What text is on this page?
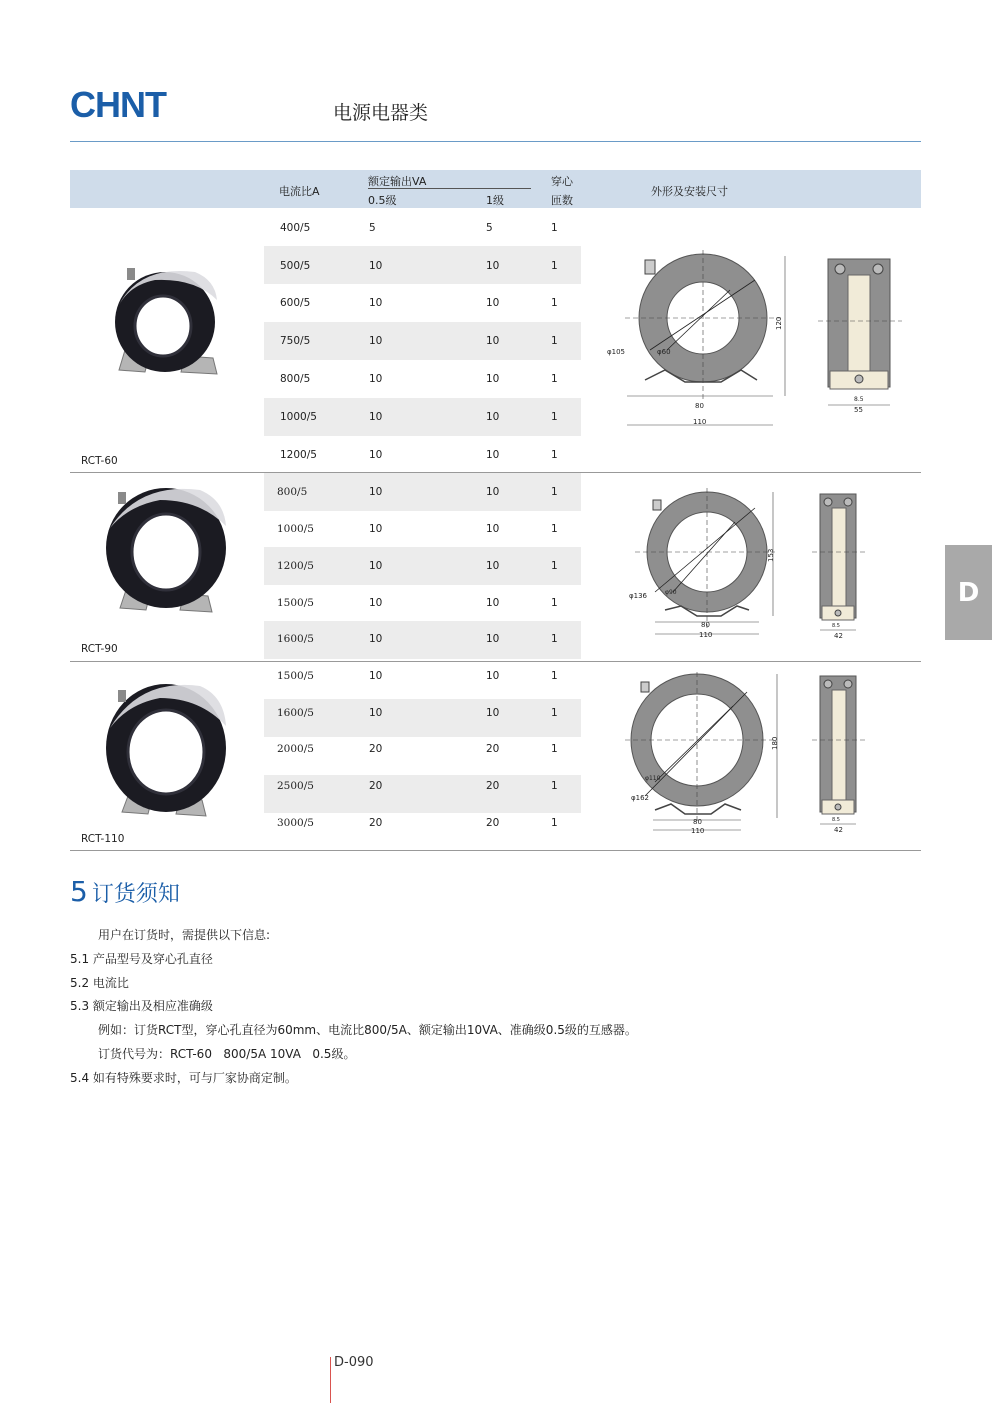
CHNT	电源电器类
电流比A
额定输出VA
0.5级	1级
穿心
匝数
外形及安装尺寸
400/5	5	5	1
500/5	10	10	1
600/5	10	10	1
750/5	10	10	1
800/5	10	10	1
1000/5	10	10	1
1200/5	10	10	1
RCT-60
φ105	φ60
120
80
110
8.5
55
800/5	10	10	1
1000/5	10	10	1
1200/5	10	10	1
1500/5	10	10	1
1600/5	10	10	1
RCT-90
φ136	φ90
153
80
110
8.5
42
1500/5	10	10	1
1600/5	10	10	1
2000/5	20	20	1
2500/5	20	20	1
3000/5	20	20	1
RCT-110
φ162
φ110
180
80
110
8.5
42
D
5 订货须知
用户在订货时，需提供以下信息:
5.1 产品型号及穿心孔直径
5.2 电流比
5.3 额定输出及相应准确级
例如：订货RCT型，穿心孔直径为60mm、电流比800/5A、额定输出10VA、准确级0.5级的互感器。
订货代号为：RCT-60   800/5A 10VA   0.5级。
5.4 如有特殊要求时，可与厂家协商定制。
D-090
